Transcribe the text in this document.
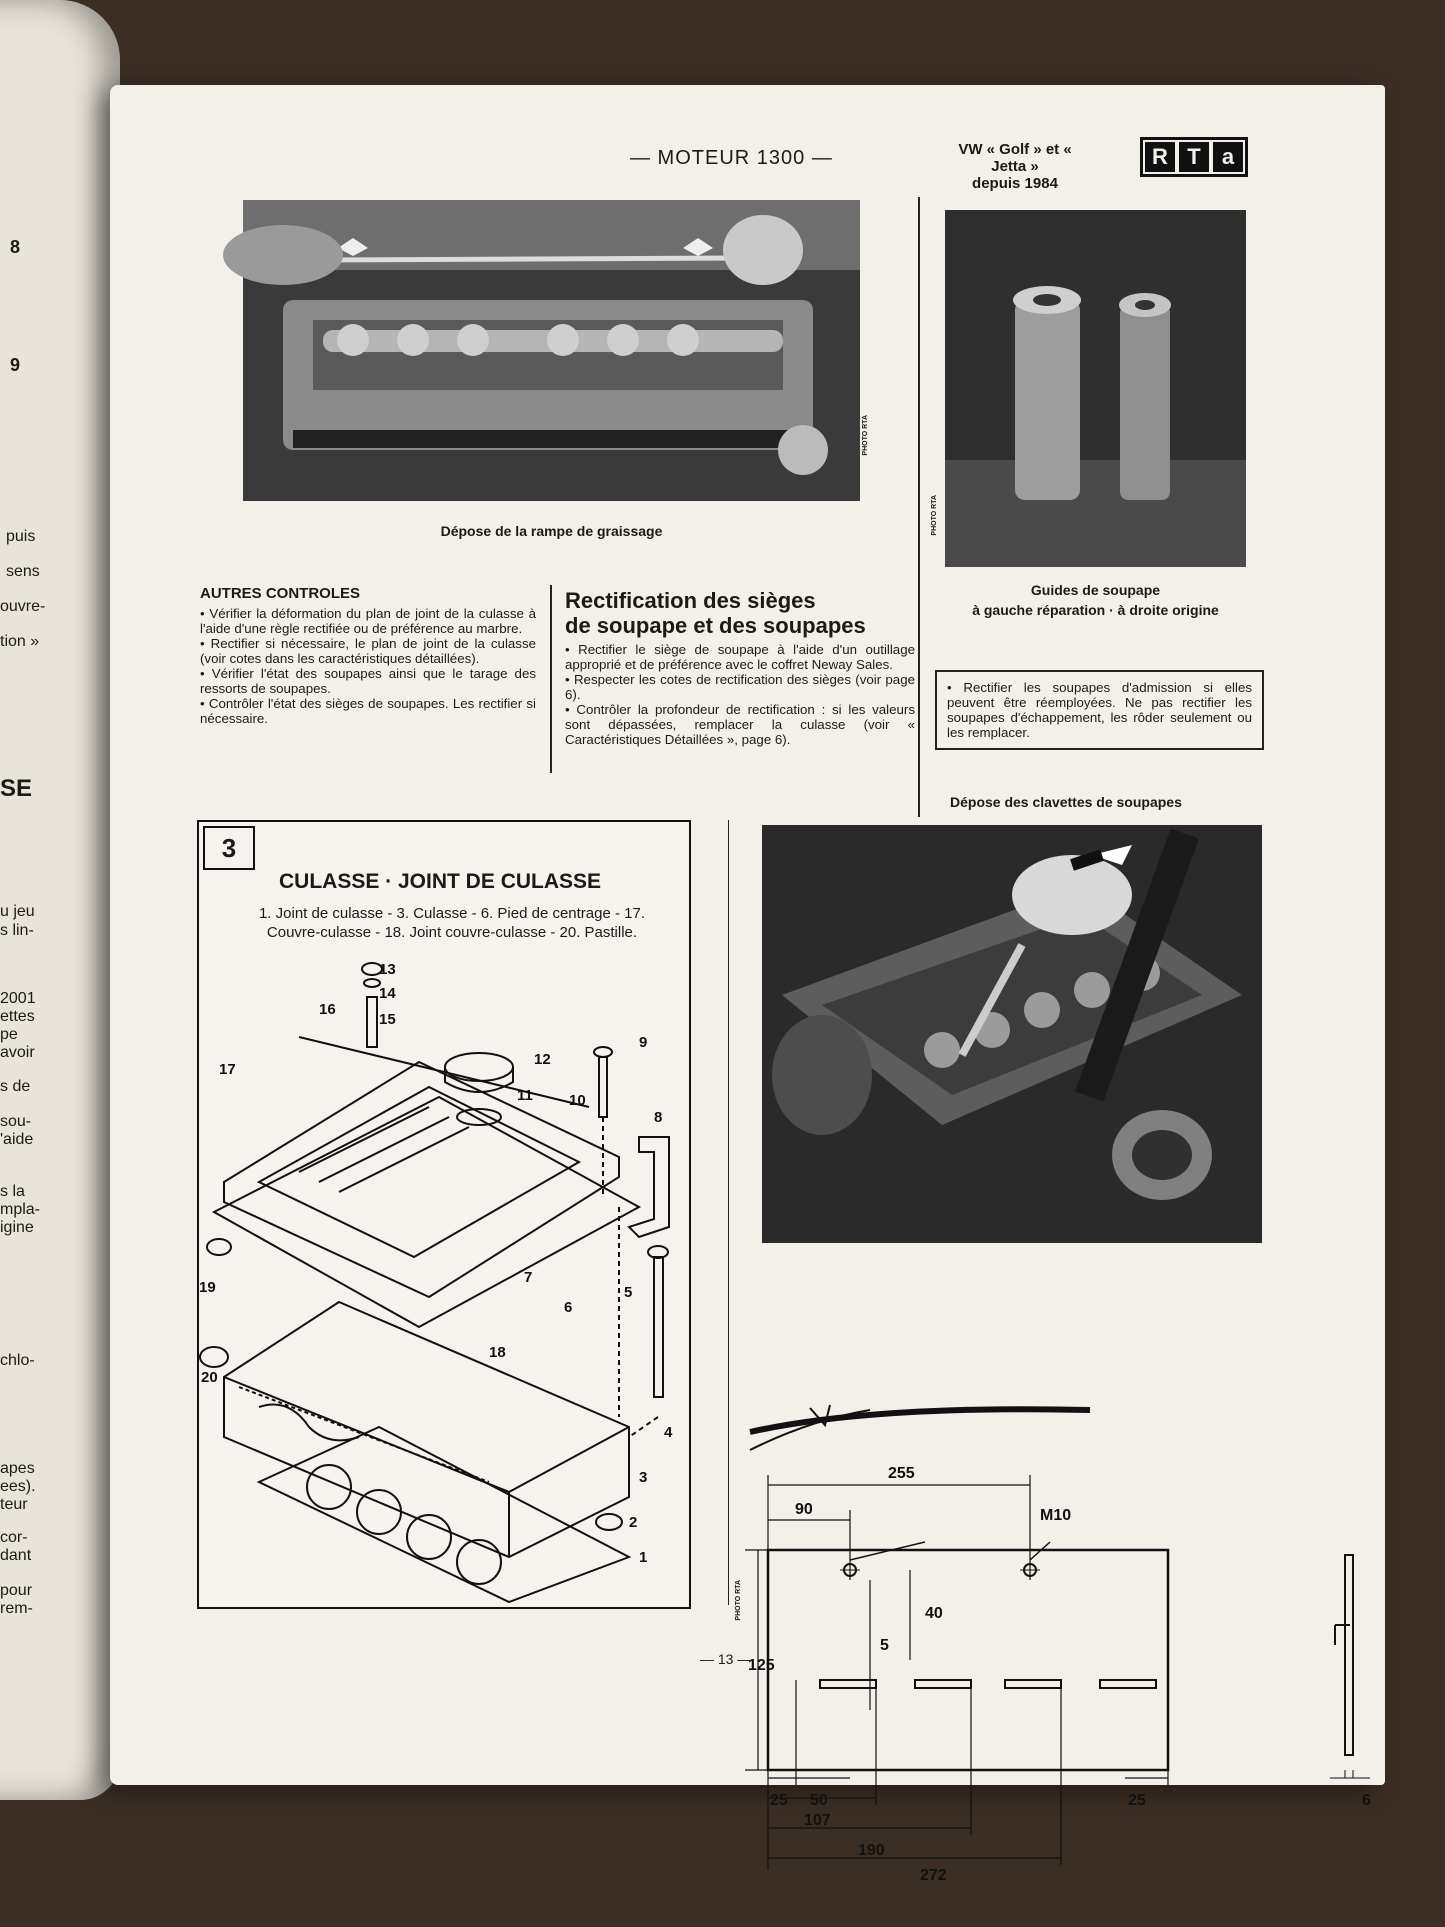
8
9
puis
sens
ouvre-
tion »
SE
u jeu
s lin-
2001
ettes
pe
avoir
s de
sou-
'aide
s la
mpla-
igine
chlo-
apes
ees).
teur
cor-
dant
pour
rem-
— MOTEUR 1300 —	VW « Golf » et « Jetta »
depuis 1984
R T a
PHOTO RTA
Dépose de la rampe de graissage	PHOTO RTA
Guides de soupape
à gauche réparation · à droite origine
AUTRES CONTROLES

• Vérifier la déformation du plan de joint de la culasse à l'aide d'une règle rectifiée ou de préférence au marbre.

• Rectifier si nécessaire, le plan de joint de la culasse (voir cotes dans les caractéristiques détaillées).

• Vérifier l'état des soupapes ainsi que le tarage des ressorts de soupapes.

• Contrôler l'état des sièges de soupapes. Les rectifier si nécessaire.

Rectification des sièges
de soupape et des soupapes

• Rectifier le siège de soupape à l'aide d'un outillage approprié et de préférence avec le coffret Neway Sales.

• Respecter les cotes de rectification des sièges (voir page 6).

• Contrôler la profondeur de rectification : si les valeurs sont dépassées, remplacer la culasse (voir « Caractéristiques Détaillées », page 6).

• Rectifier les soupapes d'admission si elles peuvent être réemployées. Ne pas rectifier les soupapes d'échappement, les rôder seulement ou les remplacer.
Dépose des clavettes de soupapes
3
CULASSE · JOINT DE CULASSE
1. Joint de culasse - 3. Culasse - 6. Pied de centrage - 17.
Couvre-culasse - 18. Joint couvre-culasse - 20. Pastille.
13
14
15
16
17
12
11
9
10
8
19
7
6
5
20
18
4
3
2
1
PHOTO RTA
255
90	M10
40
5
125
25 50
107
190
272
25	6
— 13 —
